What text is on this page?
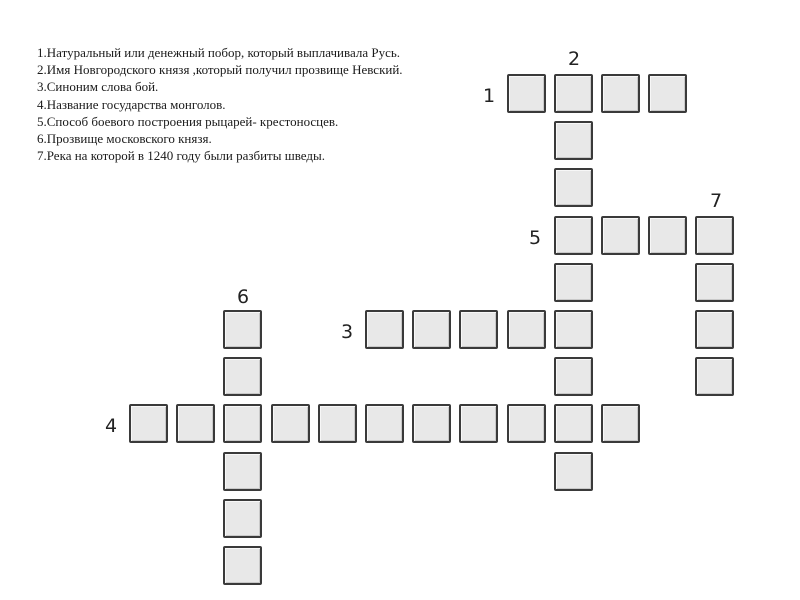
1.Натуральный или денежный побор, который выплачивала Русь.
2.Имя Новгородского князя ,который получил прозвище Невский.
3.Синоним слова бой.
4.Название государства монголов.
5.Способ боевого построения рыцарей- крестоносцев.
6.Прозвище московского князя.
7.Река на которой в 1240 году были разбиты шведы.
1
2
3
4
5
6
7
